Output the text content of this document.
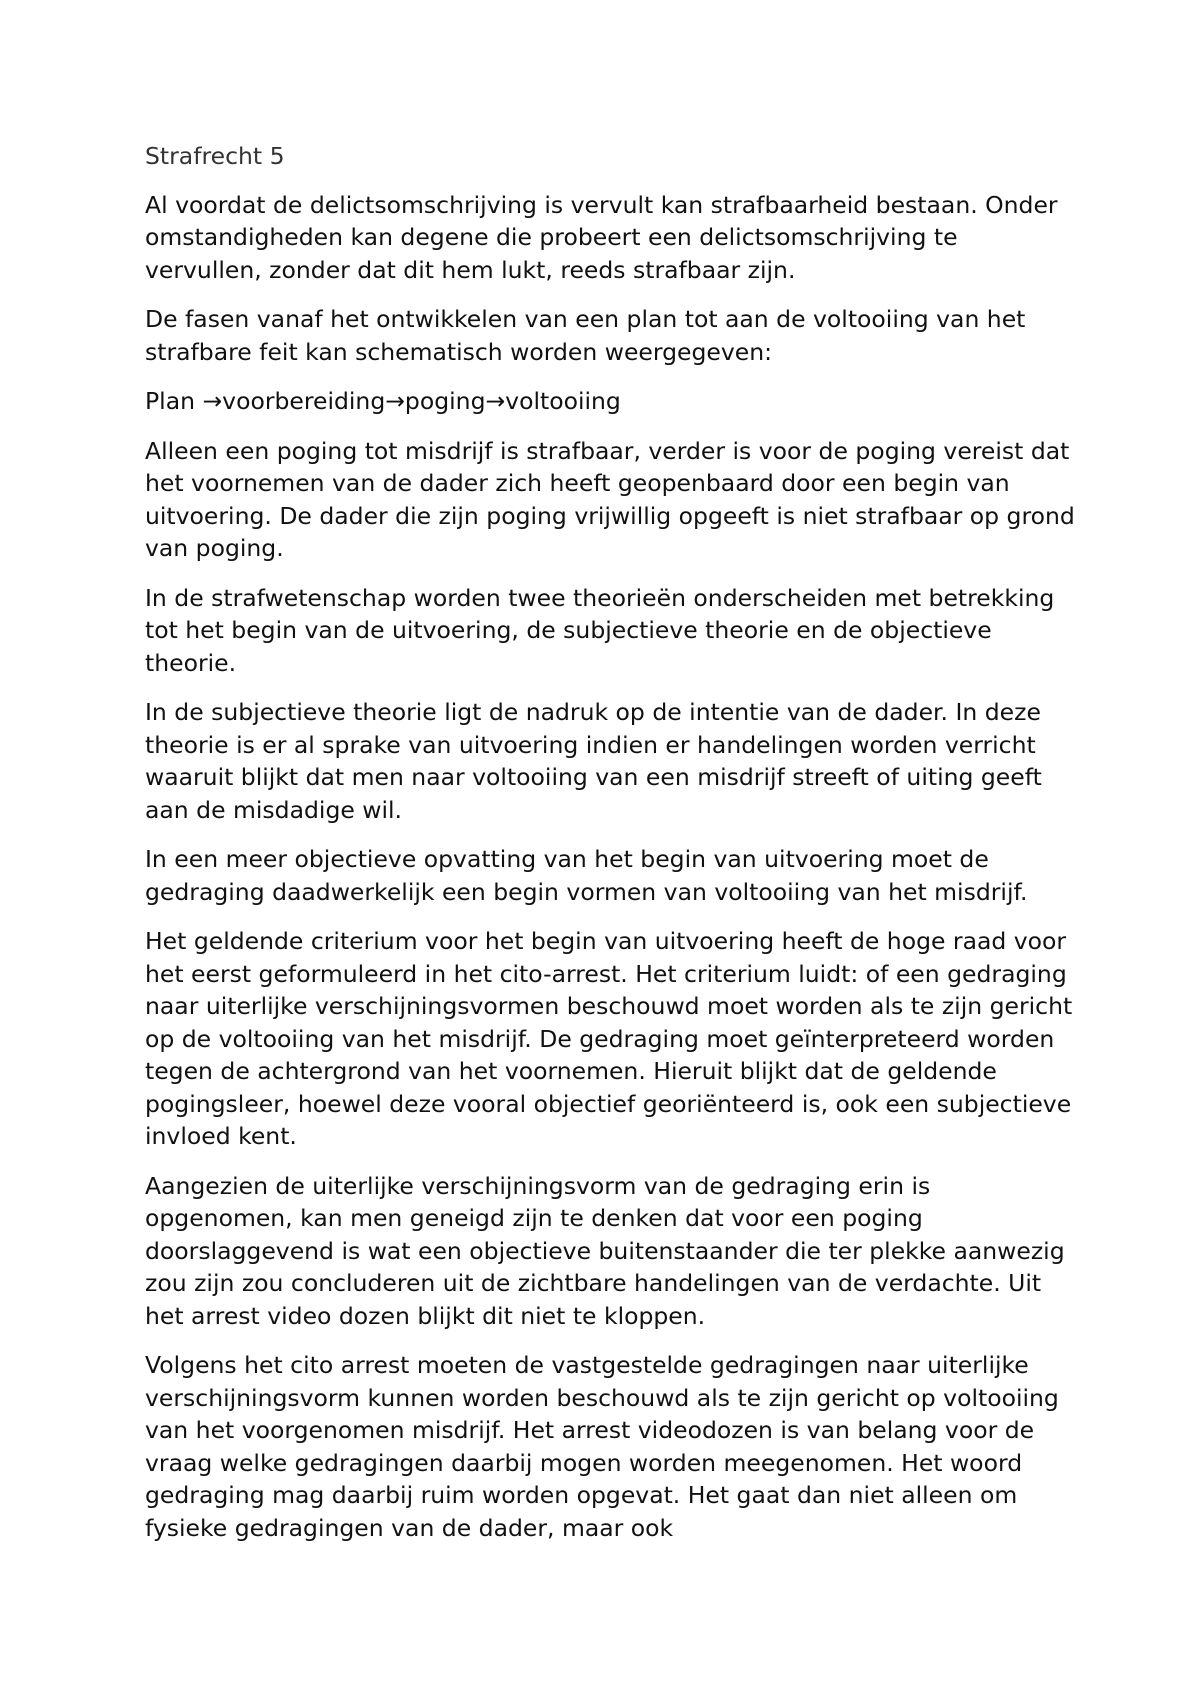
Strafrecht 5

Al voordat de delictsomschrijving is vervult kan strafbaarheid bestaan. Onder omstandigheden kan degene die probeert een delictsomschrijving te vervullen, zonder dat dit hem lukt, reeds strafbaar zijn.

De fasen vanaf het ontwikkelen van een plan tot aan de voltooiing van het strafbare feit kan schematisch worden weergegeven:

Plan →voorbereiding→poging→voltooiing

Alleen een poging tot misdrijf is strafbaar, verder is voor de poging vereist dat het voornemen van de dader zich heeft geopenbaard door een begin van uitvoering. De dader die zijn poging vrijwillig opgeeft is niet strafbaar op grond van poging.

In de strafwetenschap worden twee theorieën onderscheiden met betrekking tot het begin van de uitvoering, de subjectieve theorie en de objectieve theorie.

In de subjectieve theorie ligt de nadruk op de intentie van de dader. In deze theorie is er al sprake van uitvoering indien er handelingen worden verricht waaruit blijkt dat men naar voltooiing van een misdrijf streeft of uiting geeft aan de misdadige wil.

In een meer objectieve opvatting van het begin van uitvoering moet de gedraging daadwerkelijk een begin vormen van voltooiing van het misdrijf.

Het geldende criterium voor het begin van uitvoering heeft de hoge raad voor het eerst geformuleerd in het cito-arrest. Het criterium luidt: of een gedraging naar uiterlijke verschijningsvormen beschouwd moet worden als te zijn gericht op de voltooiing van het misdrijf. De gedraging moet geïnterpreteerd worden tegen de achtergrond van het voornemen. Hieruit blijkt dat de geldende pogingsleer, hoewel deze vooral objectief georiënteerd is, ook een subjectieve invloed kent.

Aangezien de uiterlijke verschijningsvorm van de gedraging erin is opgenomen, kan men geneigd zijn te denken dat voor een poging doorslaggevend is wat een objectieve buitenstaander die ter plekke aanwezig zou zijn zou concluderen uit de zichtbare handelingen van de verdachte. Uit het arrest video dozen blijkt dit niet te kloppen.

Volgens het cito arrest moeten de vastgestelde gedragingen naar uiterlijke verschijningsvorm kunnen worden beschouwd als te zijn gericht op voltooiing van het voorgenomen misdrijf. Het arrest videodozen is van belang voor de vraag welke gedragingen daarbij mogen worden meegenomen. Het woord gedraging mag daarbij ruim worden opgevat. Het gaat dan niet alleen om fysieke gedragingen van de dader, maar ook
